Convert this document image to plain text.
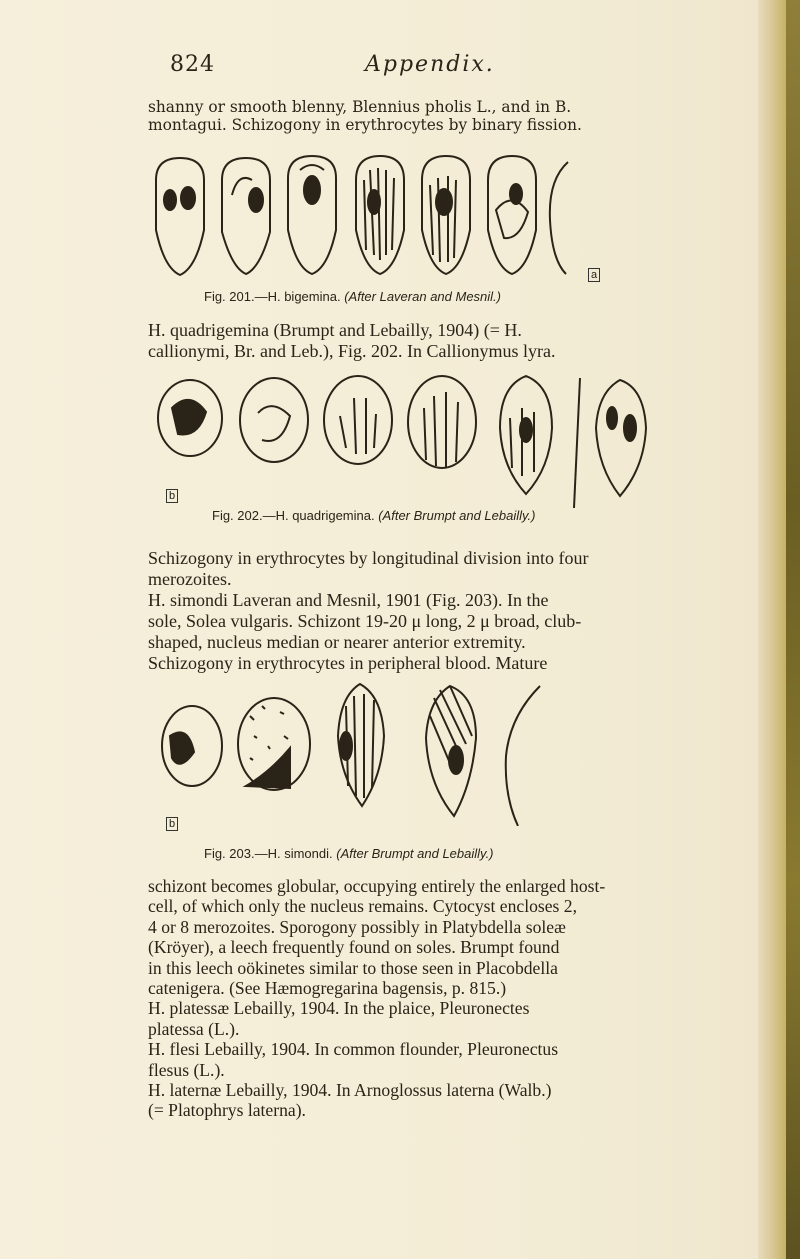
824	Appendix.
shanny or smooth blenny, Blennius pholis L., and in B.
montagui. Schizogony in erythrocytes by binary fission.
a
Fig. 201.—H. bigemina. (After Laveran and Mesnil.)
H. quadrigemina (Brumpt and Lebailly, 1904) (= H.
callionymi, Br. and Leb.), Fig. 202. In Callionymus lyra.
b
Fig. 202.—H. quadrigemina. (After Brumpt and Lebailly.)
Schizogony in erythrocytes by longitudinal division into four
merozoites.
H. simondi Laveran and Mesnil, 1901 (Fig. 203). In the
sole, Solea vulgaris. Schizont 19-20 μ long, 2 μ broad, club-
shaped, nucleus median or nearer anterior extremity.
Schizogony in erythrocytes in peripheral blood. Mature
b
Fig. 203.—H. simondi. (After Brumpt and Lebailly.)
schizont becomes globular, occupying entirely the enlarged host-
cell, of which only the nucleus remains. Cytocyst encloses 2,
4 or 8 merozoites. Sporogony possibly in Platybdella soleæ
(Kröyer), a leech frequently found on soles. Brumpt found
in this leech oökinetes similar to those seen in Placobdella
catenigera. (See Hæmogregarina bagensis, p. 815.)
H. platessæ Lebailly, 1904. In the plaice, Pleuronectes
platessa (L.).
H. flesi Lebailly, 1904. In common flounder, Pleuronectus
flesus (L.).
H. laternæ Lebailly, 1904. In Arnoglossus laterna (Walb.)
(= Platophrys laterna).
